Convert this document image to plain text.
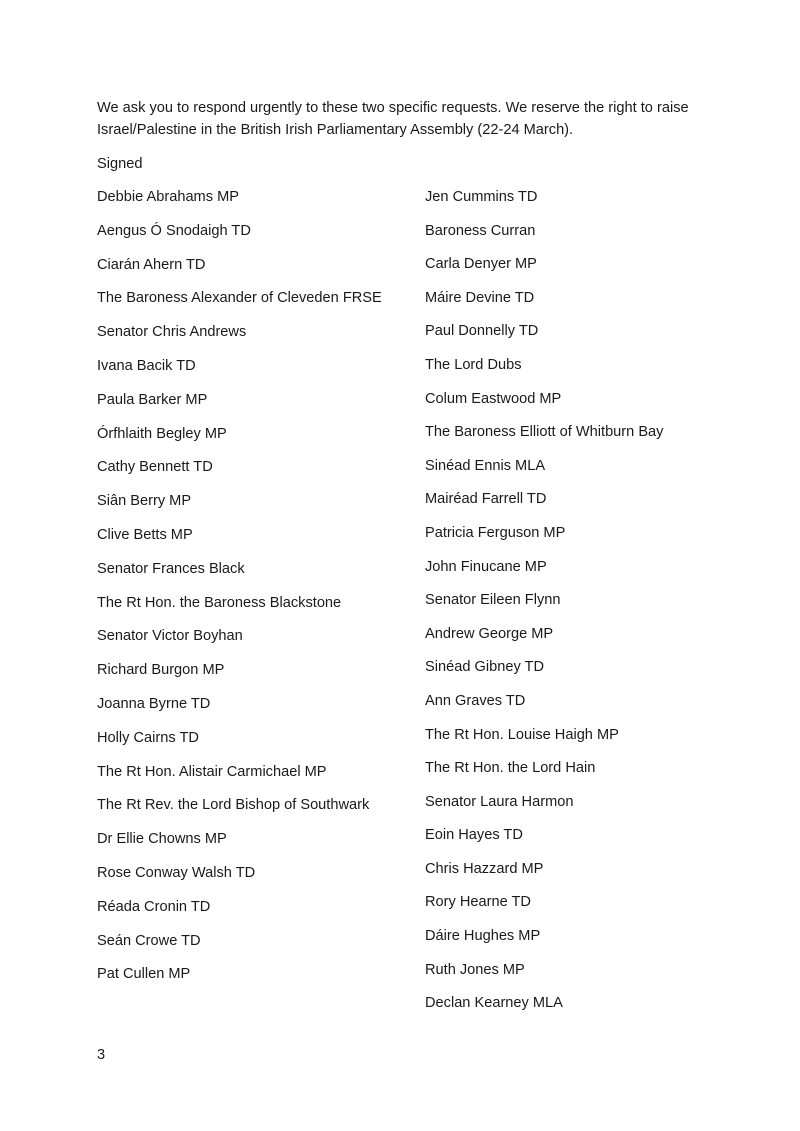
We ask you to respond urgently to these two specific requests. We reserve the right to raise Israel/Palestine in the British Irish Parliamentary Assembly (22-24 March).

Signed

Debbie Abrahams MP
Aengus Ó Snodaigh TD
Ciarán Ahern TD
The Baroness Alexander of Cleveden FRSE
Senator Chris Andrews
Ivana Bacik TD
Paula Barker MP
Órfhlaith Begley MP
Cathy Bennett TD
Siân Berry MP
Clive Betts MP
Senator Frances Black
The Rt Hon. the Baroness Blackstone
Senator Victor Boyhan
Richard Burgon MP
Joanna Byrne TD
Holly Cairns TD
The Rt Hon. Alistair Carmichael MP
The Rt Rev. the Lord Bishop of Southwark
Dr Ellie Chowns MP
Rose Conway Walsh TD
Réada Cronin TD
Seán Crowe TD
Pat Cullen MP
Jen Cummins TD
Baroness Curran
Carla Denyer MP
Máire Devine TD
Paul Donnelly TD
The Lord Dubs
Colum Eastwood MP
The Baroness Elliott of Whitburn Bay
Sinéad Ennis MLA
Mairéad Farrell TD
Patricia Ferguson MP
John Finucane MP
Senator Eileen Flynn
Andrew George MP
Sinéad Gibney TD
Ann Graves TD
The Rt Hon. Louise Haigh MP
The Rt Hon. the Lord Hain
Senator Laura Harmon
Eoin Hayes TD
Chris Hazzard MP
Rory Hearne TD
Dáire Hughes MP
Ruth Jones MP
Declan Kearney MLA

3
